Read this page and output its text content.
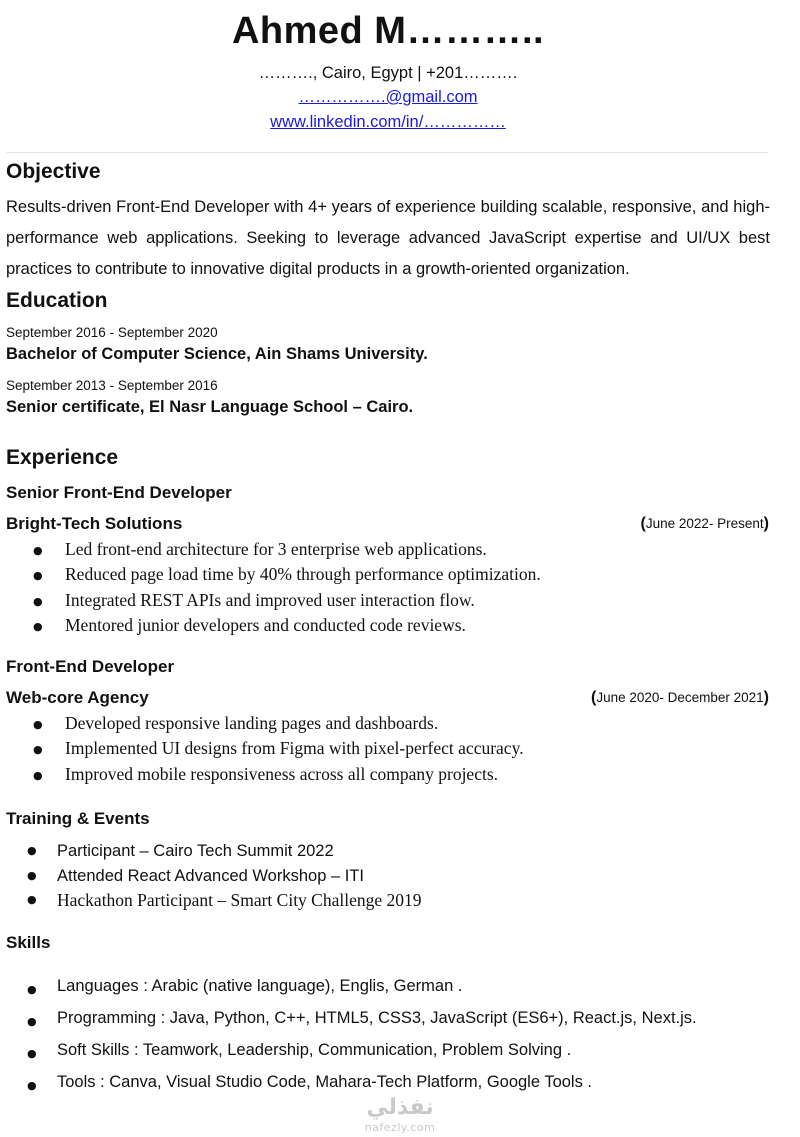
Ahmed M………..
………., Cairo, Egypt | +201……….
…………….@gmail.com
www.linkedin.com/in/……………
Objective
Results-driven Front-End Developer with 4+ years of experience building scalable, responsive, and high-performance web applications. Seeking to leverage advanced JavaScript expertise and UI/UX best practices to contribute to innovative digital products in a growth-oriented organization.
Education
September 2016 - September 2020
Bachelor of Computer Science, Ain Shams University.
September 2013 - September 2016
Senior certificate, El Nasr Language School – Cairo.
Experience
Senior Front-End Developer
Bright-Tech Solutions	(June 2022- Present)
● Led front-end architecture for 3 enterprise web applications.
● Reduced page load time by 40% through performance optimization.
● Integrated REST APIs and improved user interaction flow.
● Mentored junior developers and conducted code reviews.
Front-End Developer
Web-core Agency	(June 2020- December 2021)
● Developed responsive landing pages and dashboards.
● Implemented UI designs from Figma with pixel-perfect accuracy.
● Improved mobile responsiveness across all company projects.
Training & Events
● Participant – Cairo Tech Summit 2022
● Attended React Advanced Workshop – ITI
● Hackathon Participant – Smart City Challenge 2019
Skills
● Languages : Arabic (native language), Englis, German .
● Programming : Java, Python, C++, HTML5, CSS3, JavaScript (ES6+), React.js, Next.js.
● Soft Skills : Teamwork, Leadership, Communication, Problem Solving .
● Tools : Canva, Visual Studio Code, Mahara-Tech Platform, Google Tools .
نفذلي
nafezly.com
